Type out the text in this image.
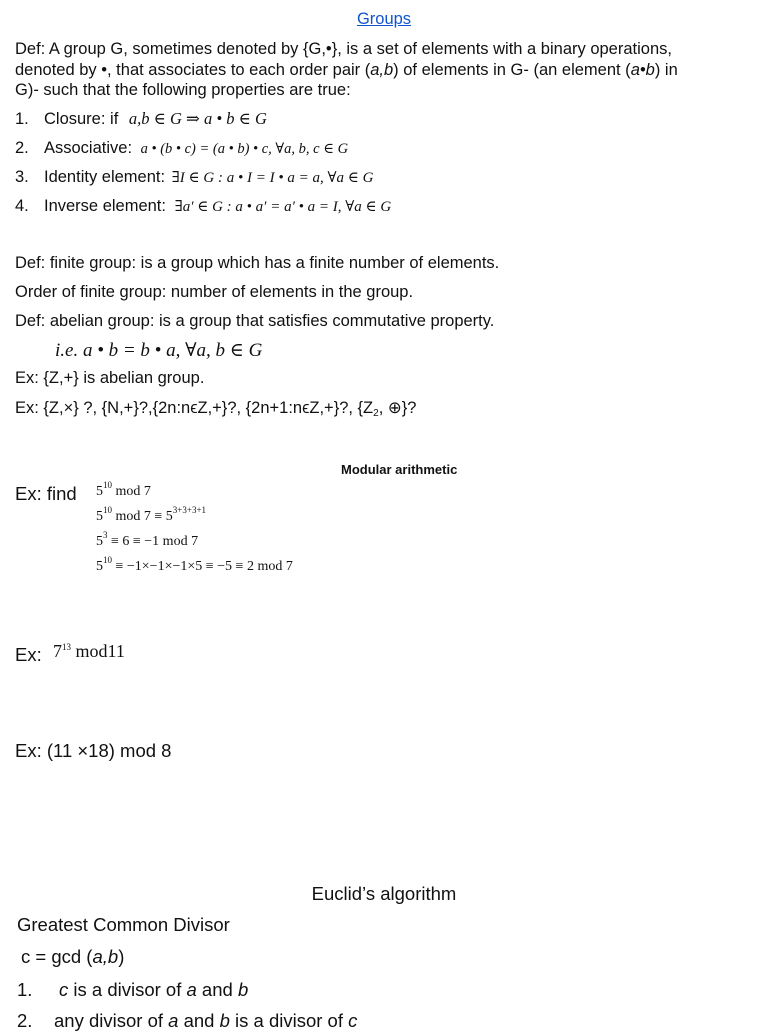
Groups
Def: A group G, sometimes denoted by {G,•}, is a set of elements with a binary operations,
denoted by •, that associates to each order pair (a,b) of elements in G- (an element (a•b) in
G)- such that the following properties are true:
1. Closure: if a,b ∈ G ⇒ a • b ∈ G
2. Associative: a • (b • c) = (a • b) • c, ∀a, b, c ∈ G
3. Identity element: ∃I ∈ G : a • I = I • a = a, ∀a ∈ G
4. Inverse element: ∃a′ ∈ G : a • a′ = a′ • a = I, ∀a ∈ G
Def: finite group: is a group which has a finite number of elements.
Order of finite group: number of elements in the group.
Def: abelian group: is a group that satisfies commutative property.
i.e. a • b = b • a, ∀a, b ∈ G
Ex: {Z,+} is abelian group.
Ex: {Z,×} ?, {N,+}?,{2n:nϵZ,+}?, {2n+1:nϵZ,+}?, {$Z_2$, ⊕}?
Modular arithmetic
Ex: find $5^{10}$ mod 7
$5^{10}$ mod $7 \equiv 5^{3+3+3+1}$
$5^3 \equiv 6 \equiv -1$ mod 7
$5^{10} \equiv -1\times-1\times-1\times 5 \equiv -5 \equiv 2$ mod 7
Ex: $7^{13}$ mod11
Ex: (11 ×18) mod 8
Euclid’s algorithm
Greatest Common Divisor
c = gcd (a,b)
1. c is a divisor of a and b
2. any divisor of a and b is a divisor of c
